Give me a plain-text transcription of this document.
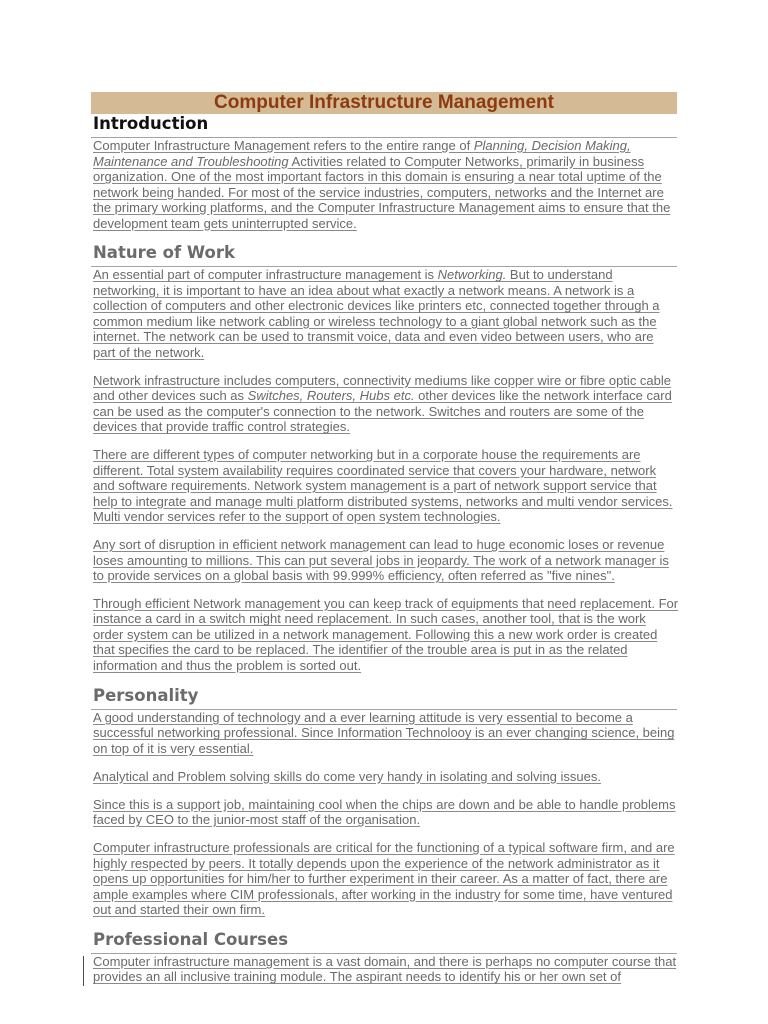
Computer Infrastructure Management
Introduction
Computer Infrastructure Management refers to the entire range of Planning, Decision Making,
Maintenance and Troubleshooting Activities related to Computer Networks, primarily in business
organization. One of the most important factors in this domain is ensuring a near total uptime of the
network being handed. For most of the service industries, computers, networks and the Internet are
the primary working platforms, and the Computer Infrastructure Management aims to ensure that the
development team gets uninterrupted service.
Nature of Work
An essential part of computer infrastructure management is Networking. But to understand
networking, it is important to have an idea about what exactly a network means. A network is a
collection of computers and other electronic devices like printers etc, connected together through a
common medium like network cabling or wireless technology to a giant global network such as the
internet. The network can be used to transmit voice, data and even video between users, who are
part of the network.
Network infrastructure includes computers, connectivity mediums like copper wire or fibre optic cable
and other devices such as Switches, Routers, Hubs etc. other devices like the network interface card
can be used as the computer's connection to the network. Switches and routers are some of the
devices that provide traffic control strategies.
There are different types of computer networking but in a corporate house the requirements are
different. Total system availability requires coordinated service that covers your hardware, network
and software requirements. Network system management is a part of network support service that
help to integrate and manage multi platform distributed systems, networks and multi vendor services.
Multi vendor services refer to the support of open system technologies.
Any sort of disruption in efficient network management can lead to huge economic loses or revenue
loses amounting to millions. This can put several jobs in jeopardy. The work of a network manager is
to provide services on a global basis with 99.999% efficiency, often referred as "five nines".
Through efficient Network management you can keep track of equipments that need replacement. For
instance a card in a switch might need replacement. In such cases, another tool, that is the work
order system can be utilized in a network management. Following this a new work order is created
that specifies the card to be replaced. The identifier of the trouble area is put in as the related
information and thus the problem is sorted out.
Personality
A good understanding of technology and a ever learning attitude is very essential to become a
successful networking professional. Since Information Technolooy is an ever changing science, being
on top of it is very essential.
Analytical and Problem solving skills do come very handy in isolating and solving issues.
Since this is a support job, maintaining cool when the chips are down and be able to handle problems
faced by CEO to the junior-most staff of the organisation.
Computer infrastructure professionals are critical for the functioning of a typical software firm, and are
highly respected by peers. It totally depends upon the experience of the network administrator as it
opens up opportunities for him/her to further experiment in their career. As a matter of fact, there are
ample examples where CIM professionals, after working in the industry for some time, have ventured
out and started their own firm.
Professional Courses
Computer infrastructure management is a vast domain, and there is perhaps no computer course that
provides an all inclusive training module. The aspirant needs to identify his or her own set of
